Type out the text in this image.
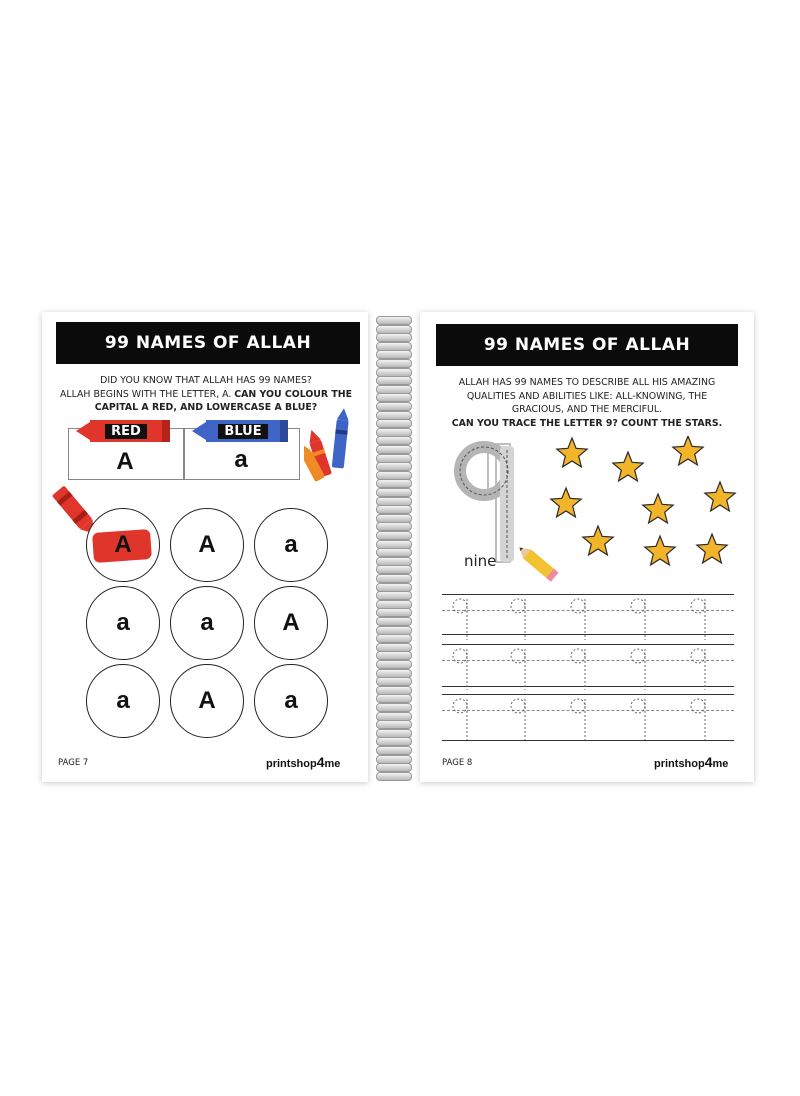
99 NAMES OF ALLAH
DID YOU KNOW THAT ALLAH HAS 99 NAMES?
ALLAH BEGINS WITH THE LETTER, A. CAN YOU COLOUR THE
CAPITAL A RED, AND LOWERCASE A BLUE?
RED
A
BLUE
a
A	A	a
a	a	A
a	A	a
PAGE 7	printshop4me
99 NAMES OF ALLAH
ALLAH HAS 99 NAMES TO DESCRIBE ALL HIS AMAZING
QUALITIES AND ABILITIES LIKE: ALL-KNOWING, THE
GRACIOUS, AND THE MERCIFUL.
CAN YOU TRACE THE LETTER 9? COUNT THE STARS.
nine
PAGE 8	printshop4me
